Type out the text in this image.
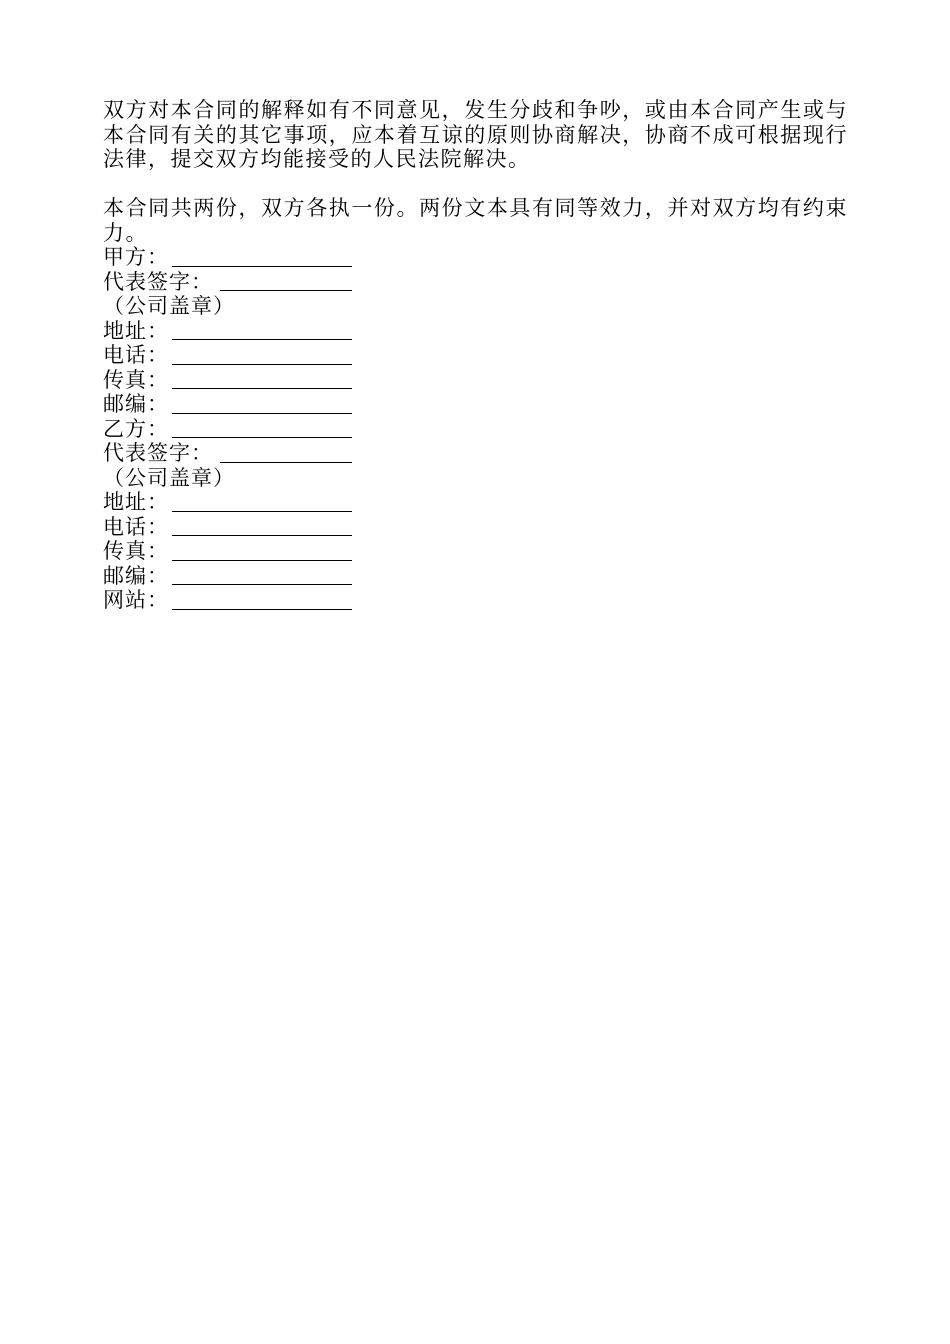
双方对本合同的解释如有不同意见，发生分歧和争吵，或由本合同产生或与本合同有关的其它事项，应本着互谅的原则协商解决，协商不成可根据现行法律，提交双方均能接受的人民法院解决。

本合同共两份，双方各执一份。两份文本具有同等效力，并对双方均有约束力。

甲方：
代表签字：
（公司盖章）
地址：
电话：
传真：
邮编：
乙方：
代表签字：
（公司盖章）
地址：
电话：
传真：
邮编：
网站：
